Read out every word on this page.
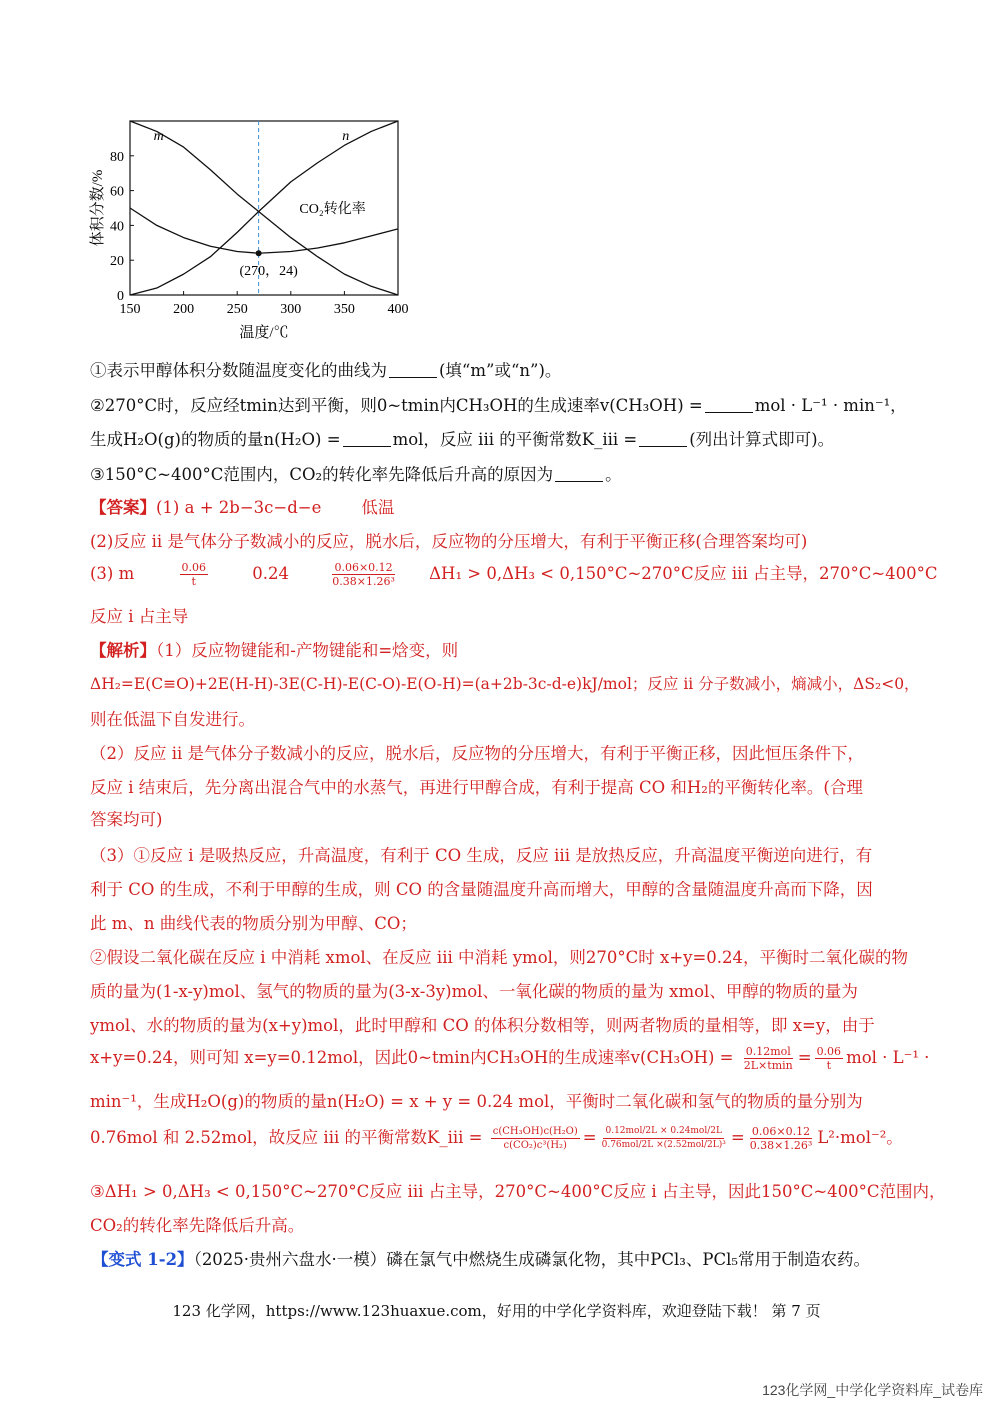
150 200 250 300 350 400
0
20
40
60
80
温度/℃
体积分数/%
m	n
CO₂转化率
(270，24)
①表示甲醇体积分数随温度变化的曲线为	(填“m”或“n”)。
②270°C时，反应经tmin达到平衡，则0~tmin内CH₃OH的生成速率v(CH₃OH) =	mol · L⁻¹ · min⁻¹，
生成H₂O(g)的物质的量n(H₂O) =	mol，反应 iii 的平衡常数K_iii =	(列出计算式即可)。
③150°C~400°C范围内，CO₂的转化率先降低后升高的原因为	。
【答案】(1) a + 2b−3c−d−e 低温
(2)反应 ii 是气体分子数减小的反应，脱水后，反应物的分压增大，有利于平衡正移(合理答案均可)
(3) m	$\frac{0.06}{t}$	0.24	$\frac{0.06\times 0.12}{\text{0.38×1.26³}} \Delta H_1 > 0,\Delta H_3$ < 0,150°C~270°C反应 iii 占主导，270°C~400°C
反应 i 占主导
【解析】（1）反应物键能和-产物键能和=焓变，则
ΔH₂=E(C≡O)+2E(H-H)-3E(C-H)-E(C-O)-E(O-H)=(a+2b-3c-d-e)kJ/mol；反应 ii 分子数减小，熵减小，ΔS₂<0，
则在低温下自发进行。
（2）反应 ii 是气体分子数减小的反应，脱水后，反应物的分压增大，有利于平衡正移，因此恒压条件下，
反应 i 结束后，先分离出混合气中的水蒸气，再进行甲醇合成，有利于提高 CO 和H₂的平衡转化率。(合理
答案均可)
（3）①反应 i 是吸热反应，升高温度，有利于 CO 生成，反应 iii 是放热反应，升高温度平衡逆向进行，有
利于 CO 的生成，不利于甲醇的生成，则 CO 的含量随温度升高而增大，甲醇的含量随温度升高而下降，因
此 m、n 曲线代表的物质分别为甲醇、CO；
②假设二氧化碳在反应 i 中消耗 xmol、在反应 iii 中消耗 ymol，则270°C时 x+y=0.24，平衡时二氧化碳的物
质的量为(1-x-y)mol、氢气的物质的量为(3-x-3y)mol、一氧化碳的物质的量为 xmol、甲醇的物质的量为
ymol、水的物质的量为(x+y)mol，此时甲醇和 CO 的体积分数相等，则两者物质的量相等，即 x=y，由于
x+y=0.24，则可知 x=y=0.12mol，因此0~tmin内CH₃OH的生成速率$v(CH_3OH) = \frac{\text{0.12mol}}{2L\times tmin} = \frac{0.06}{t}$ mol · L⁻¹ ·
min⁻¹，生成H₂O(g)的物质的量n(H₂O) = x + y = 0.24 mol，平衡时二氧化碳和氢气的物质的量分别为
0.76mol 和 2.52mol，故反应 iii 的平衡常数K_iii = $\frac{\text{c(CH₃OH)c(H₂O)}}{\text{c(CO₂)c³(H₂)}} = \frac{\text{0.12mol/2L × 0.24mol/2L}}{\text{0.76mol/2L ×(2.52mol/2L)³}} = \frac{0.06\times 0.12}{\text{0.38×1.26³}} L^2\cdot mol^{-2}$。
③ΔH₁ > 0,ΔH₃ < 0,150°C~270°C反应 iii 占主导，270°C~400°C反应 i 占主导，因此150°C~400°C范围内，
CO₂的转化率先降低后升高。
【变式 1-2】（2025·贵州六盘水·一模）磷在氯气中燃烧生成磷氯化物，其中PCl₃、PCl₅常用于制造农药。
123 化学网，https://www.123huaxue.com，好用的中学化学资料库，欢迎登陆下载！ 第 7 页
123化学网_中学化学资料库_试卷库
